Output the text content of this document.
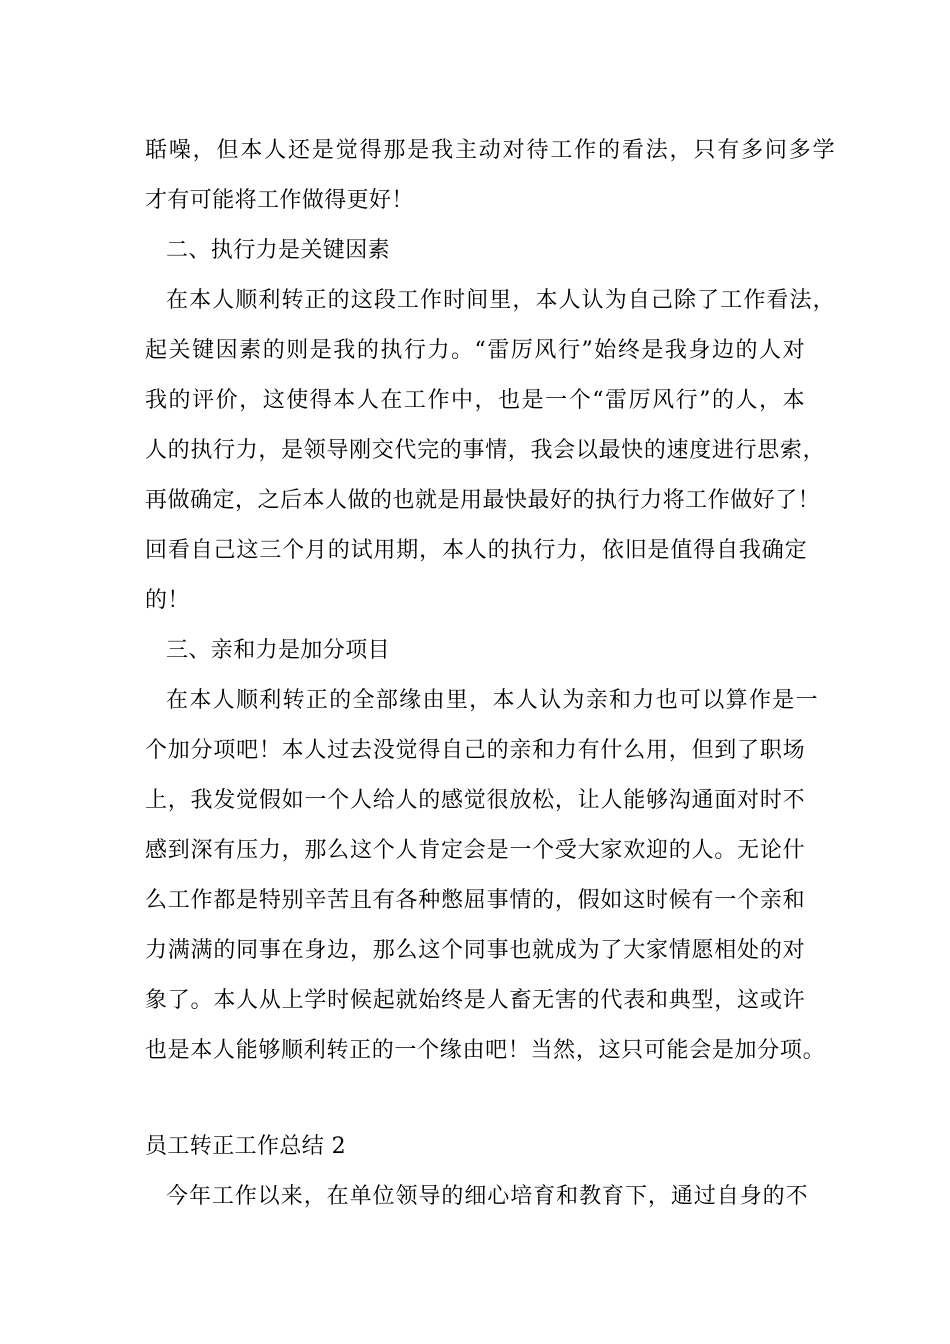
聒噪，但本人还是觉得那是我主动对待工作的看法，只有多问多学
才有可能将工作做得更好！
二、执行力是关键因素
在本人顺利转正的这段工作时间里，本人认为自己除了工作看法，
起关键因素的则是我的执行力。“雷厉风行”始终是我身边的人对
我的评价，这使得本人在工作中，也是一个“雷厉风行”的人，本
人的执行力，是领导刚交代完的事情，我会以最快的速度进行思索，
再做确定，之后本人做的也就是用最快最好的执行力将工作做好了！
回看自己这三个月的试用期，本人的执行力，依旧是值得自我确定
的！
三、亲和力是加分项目
在本人顺利转正的全部缘由里，本人认为亲和力也可以算作是一
个加分项吧！本人过去没觉得自己的亲和力有什么用，但到了职场
上，我发觉假如一个人给人的感觉很放松，让人能够沟通面对时不
感到深有压力，那么这个人肯定会是一个受大家欢迎的人。无论什
么工作都是特别辛苦且有各种憋屈事情的，假如这时候有一个亲和
力满满的同事在身边，那么这个同事也就成为了大家情愿相处的对
象了。本人从上学时候起就始终是人畜无害的代表和典型，这或许
也是本人能够顺利转正的一个缘由吧！当然，这只可能会是加分项。
员工转正工作总结 2
今年工作以来，在单位领导的细心培育和教育下，通过自身的不
